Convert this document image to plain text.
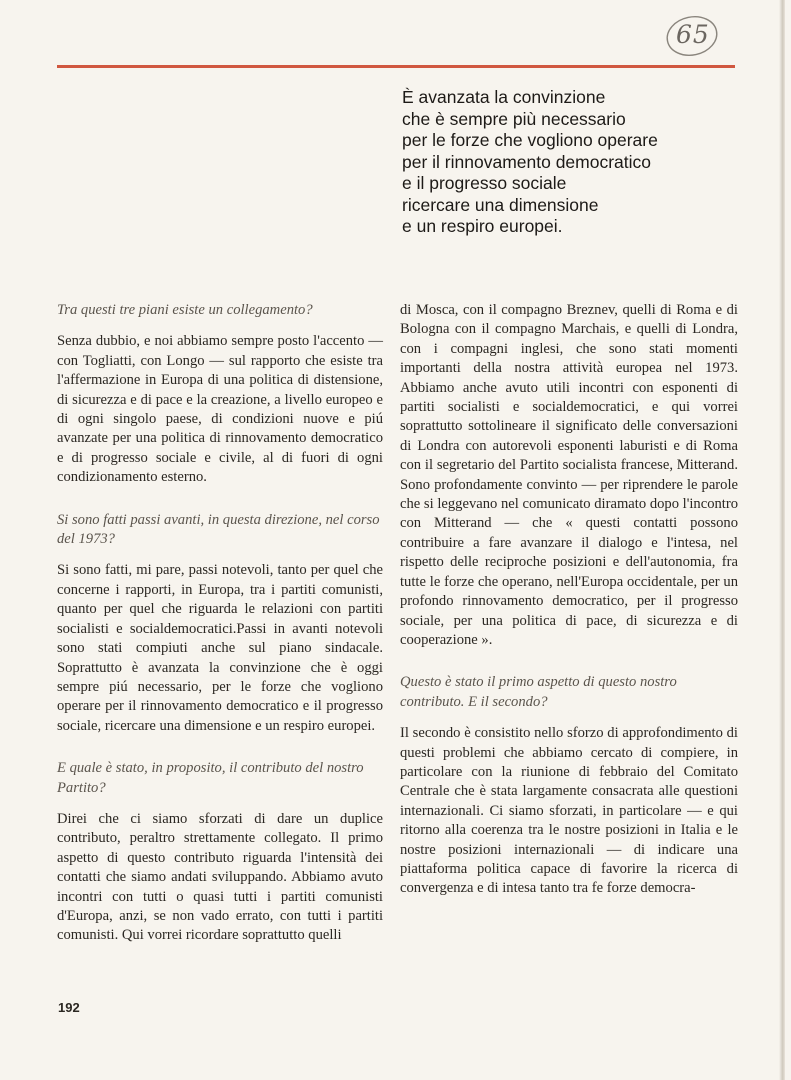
65
È avanzata la convinzione
che è sempre più necessario
per le forze che vogliono operare
per il rinnovamento democratico
e il progresso sociale
ricercare una dimensione
e un respiro europei.

Tra questi tre piani esiste un collegamento?

Senza dubbio, e noi abbiamo sempre posto l'accento — con Togliatti, con Longo — sul rapporto che esiste tra l'affermazione in Europa di una politica di distensione, di sicurezza e di pace e la creazione, a livello europeo e di ogni singolo paese, di condizioni nuove e piú avanzate per una politica di rinnovamento democratico e di progresso sociale e civile, al di fuori di ogni condizionamento esterno.

Si sono fatti passi avanti, in questa direzione, nel corso del 1973?

Si sono fatti, mi pare, passi notevoli, tanto per quel che concerne i rapporti, in Europa, tra i partiti comunisti, quanto per quel che riguarda le relazioni con partiti socialisti e socialdemocratici.Passi in avanti notevoli sono stati compiuti anche sul piano sindacale. Soprattutto è avanzata la convinzione che è oggi sempre piú necessario, per le forze che vogliono operare per il rinnovamento democratico e il progresso sociale, ricercare una dimensione e un respiro europei.

E quale è stato, in proposito, il contributo del nostro Partito?

Direi che ci siamo sforzati di dare un duplice contributo, peraltro strettamente collegato. Il primo aspetto di questo contributo riguarda l'intensità dei contatti che siamo andati sviluppando. Abbiamo avuto incontri con tutti o quasi tutti i partiti comunisti d'Europa, anzi, se non vado errato, con tutti i partiti comunisti. Qui vorrei ricordare soprattutto quelli

di Mosca, con il compagno Breznev, quelli di Roma e di Bologna con il compagno Marchais, e quelli di Londra, con i compagni inglesi, che sono stati momenti importanti della nostra attività europea nel 1973. Abbiamo anche avuto utili incontri con esponenti di partiti socialisti e socialdemocratici, e qui vorrei soprattutto sottolineare il significato delle conversazioni di Londra con autorevoli esponenti laburisti e di Roma con il segretario del Partito socialista francese, Mitterand. Sono profondamente convinto — per riprendere le parole che si leggevano nel comunicato diramato dopo l'incontro con Mitterand — che « questi contatti possono contribuire a fare avanzare il dialogo e l'intesa, nel rispetto delle reciproche posizioni e dell'autonomia, fra tutte le forze che operano, nell'Europa occidentale, per un profondo rinnovamento democratico, per il progresso sociale, per una politica di pace, di sicurezza e di cooperazione ».

Questo è stato il primo aspetto di questo nostro contributo. E il secondo?

Il secondo è consistito nello sforzo di approfondimento di questi problemi che abbiamo cercato di compiere, in particolare con la riunione di febbraio del Comitato Centrale che è stata largamente consacrata alle questioni internazionali. Ci siamo sforzati, in particolare — e qui ritorno alla coerenza tra le nostre posizioni in Italia e le nostre posizioni internazionali — di indicare una piattaforma politica capace di favorire la ricerca di convergenza e di intesa tanto tra fe forze democra-

192
